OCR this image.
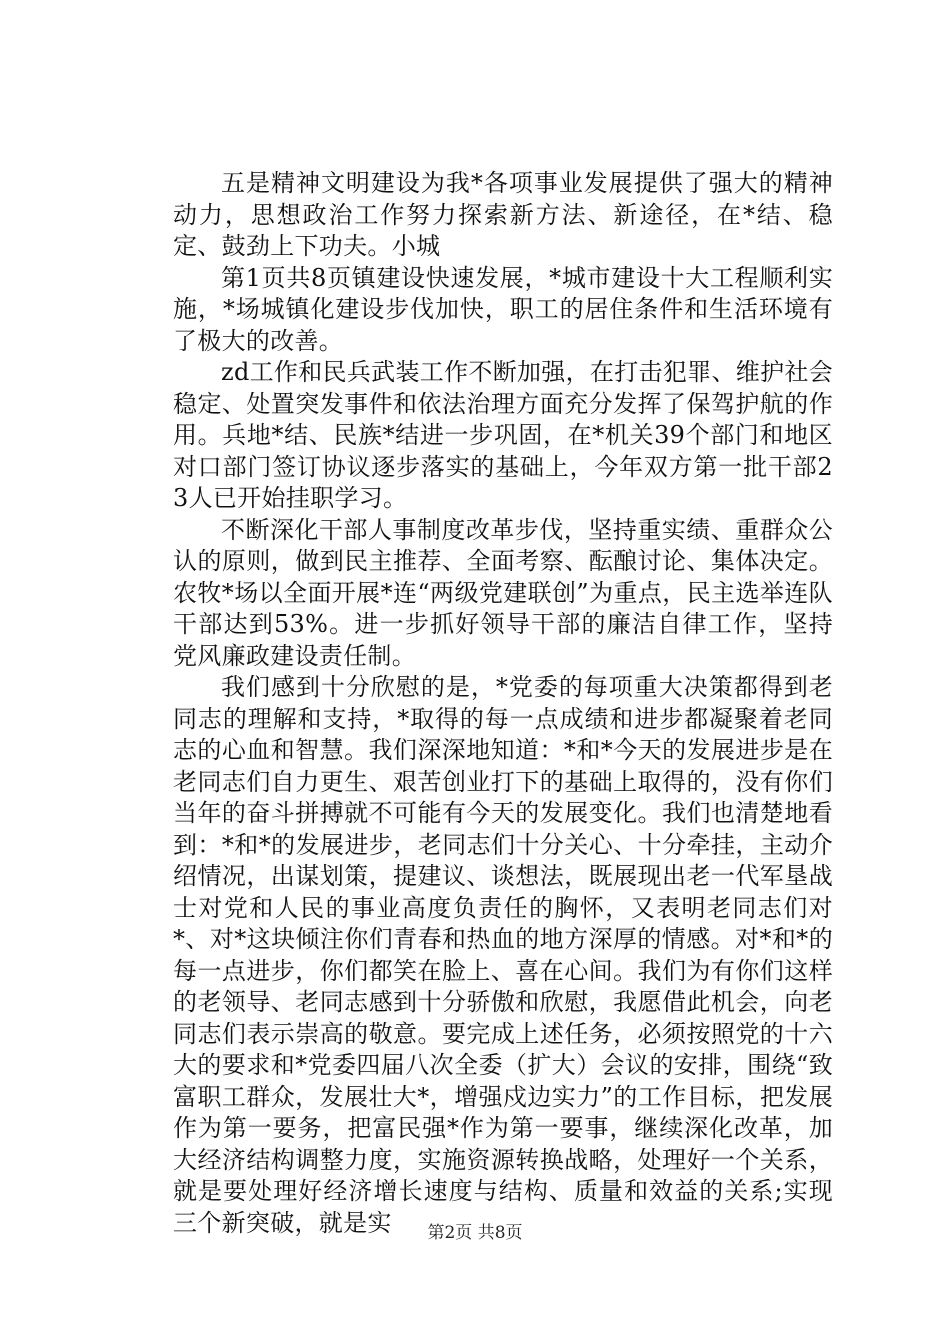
五是精神文明建设为我*各项事业发展提供了强大的精神动力，思想政治工作努力探索新方法、新途径，在*结、稳定、鼓劲上下功夫。小城

第1页共8页镇建设快速发展，*城市建设十大工程顺利实施，*场城镇化建设步伐加快，职工的居住条件和生活环境有了极大的改善。

zd工作和民兵武装工作不断加强，在打击犯罪、维护社会稳定、处置突发事件和依法治理方面充分发挥了保驾护航的作用。兵地*结、民族*结进一步巩固，在*机关39个部门和地区对口部门签订协议逐步落实的基础上，今年双方第一批干部23人已开始挂职学习。

不断深化干部人事制度改革步伐，坚持重实绩、重群众公认的原则，做到民主推荐、全面考察、酝酿讨论、集体决定。农牧*场以全面开展*连“两级党建联创”为重点，民主选举连队干部达到53%。进一步抓好领导干部的廉洁自律工作，坚持党风廉政建设责任制。

我们感到十分欣慰的是，*党委的每项重大决策都得到老同志的理解和支持，*取得的每一点成绩和进步都凝聚着老同志的心血和智慧。我们深深地知道：*和*今天的发展进步是在老同志们自力更生、艰苦创业打下的基础上取得的，没有你们当年的奋斗拼搏就不可能有今天的发展变化。我们也清楚地看到：*和*的发展进步，老同志们十分关心、十分牵挂，主动介绍情况，出谋划策，提建议、谈想法，既展现出老一代军垦战士对党和人民的事业高度负责任的胸怀，又表明老同志们对*、对*这块倾注你们青春和热血的地方深厚的情感。对*和*的每一点进步，你们都笑在脸上、喜在心间。我们为有你们这样的老领导、老同志感到十分骄傲和欣慰，我愿借此机会，向老同志们表示崇高的敬意。要完成上述任务，必须按照党的十六大的要求和*党委四届八次全委（扩大）会议的安排，围绕“致富职工群众，发展壮大*，增强戍边实力”的工作目标，把发展作为第一要务，把富民强*作为第一要事，继续深化改革，加大经济结构调整力度，实施资源转换战略，处理好一个关系，就是要处理好经济增长速度与结构、质量和效益的关系;实现三个新突破，就是实	第2页 共8页
